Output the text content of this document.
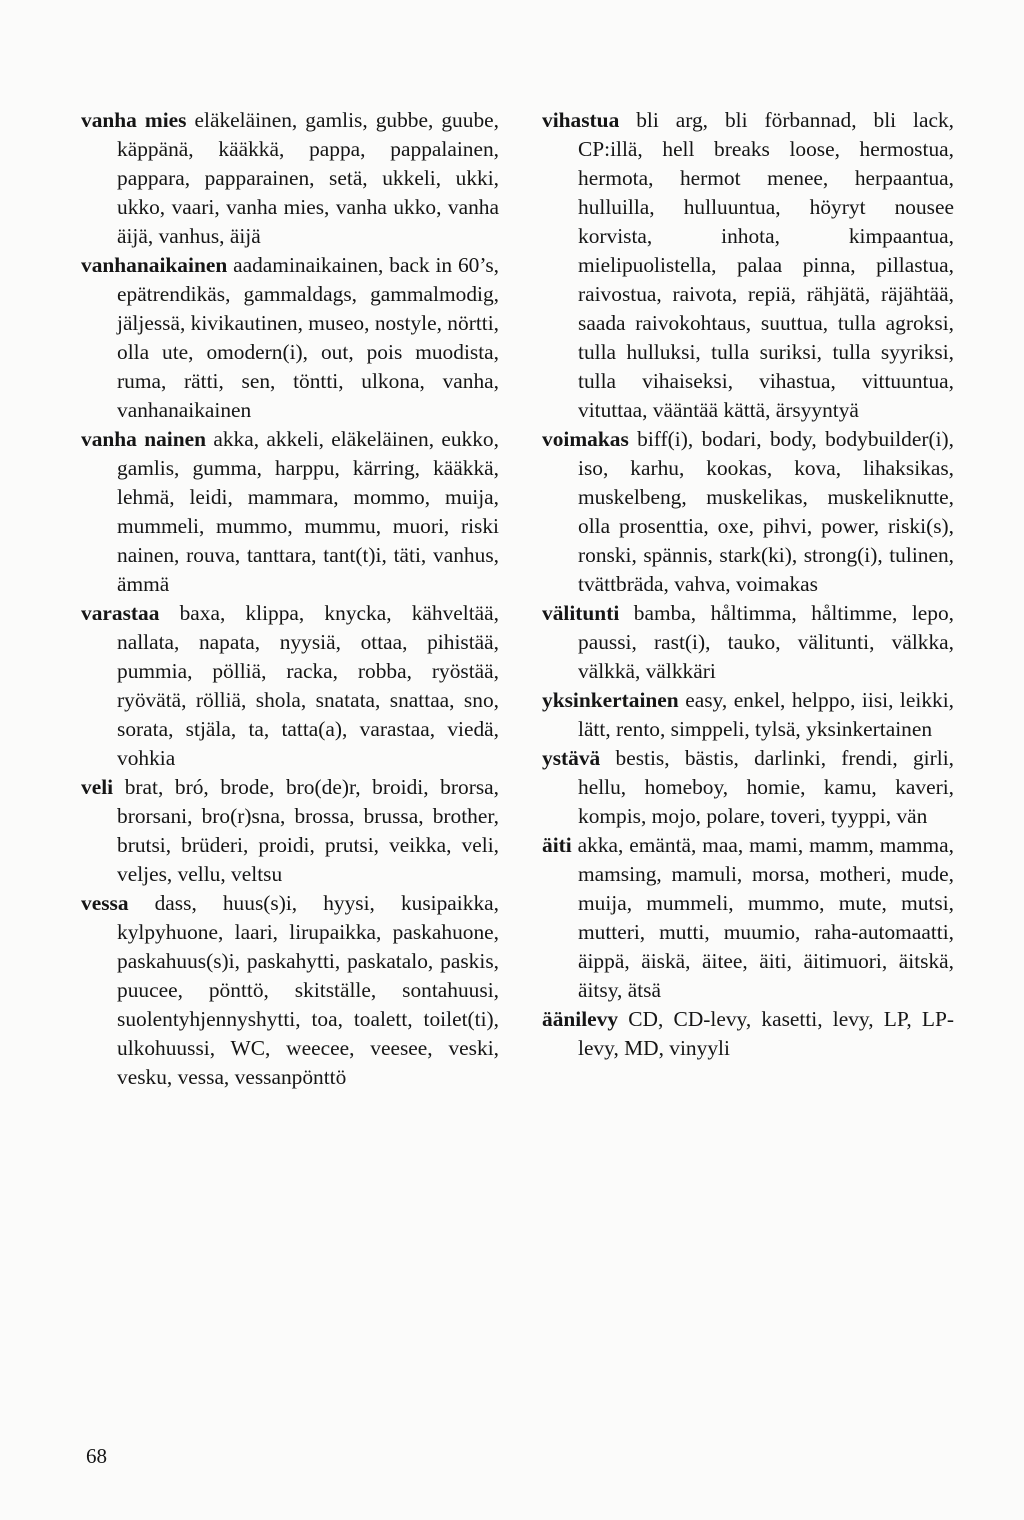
vanha mies eläkeläinen, gamlis, gubbe, guube, käppänä, kääkkä, pappa, pappalainen, pappara, papparainen, setä, ukkeli, ukki, ukko, vaari, vanha mies, vanha ukko, vanha äijä, vanhus, äijä

vanhanaikainen aadaminaikainen, back in 60’s, epätrendikäs, gammaldags, gammalmodig, jäljessä, kivikautinen, museo, nostyle, nörtti, olla ute, omodern(i), out, pois muodista, ruma, rätti, sen, töntti, ulkona, vanha, vanhanaikainen

vanha nainen akka, akkeli, eläkeläinen, eukko, gamlis, gumma, harppu, kärring, kääkkä, lehmä, leidi, mammara, mommo, muija, mummeli, mummo, mummu, muori, riski nainen, rouva, tanttara, tant(t)i, täti, vanhus, ämmä

varastaa baxa, klippa, knycka, kähveltää, nallata, napata, nyysiä, ottaa, pihistää, pummia, pölliä, racka, robba, ryöstää, ryövätä, rölliä, shola, snatata, snattaa, sno, sorata, stjäla, ta, tatta(a), varastaa, viedä, vohkia

veli brat, bró, brode, bro(de)r, broidi, brorsa, brorsani, bro(r)sna, brossa, brussa, brother, brutsi, brüderi, proidi, prutsi, veikka, veli, veljes, vellu, veltsu

vessa dass, huus(s)i, hyysi, kusipaikka, kylpyhuone, laari, lirupaikka, paskahuone, paskahuus(s)i, paskahytti, paskatalo, paskis, puucee, pönttö, skitställe, sontahuusi, suolentyhjennyshytti, toa, toalett, toilet(ti), ulkohuussi, WC, weecee, veesee, veski, vesku, vessa, vessanpönttö

vihastua bli arg, bli förbannad, bli lack, CP:illä, hell breaks loose, hermostua, hermota, hermot menee, herpaantua, hulluilla, hulluuntua, höyryt nousee korvista, inhota, kimpaantua, mielipuolistella, palaa pinna, pillastua, raivostua, raivota, repiä, rähjätä, räjähtää, saada raivokohtaus, suuttua, tulla agroksi, tulla hulluksi, tulla suriksi, tulla syyriksi, tulla vihaiseksi, vihastua, vittuuntua, vituttaa, vääntää kättä, ärsyyntyä

voimakas biff(i), bodari, body, bodybuilder(i), iso, karhu, kookas, kova, lihaksikas, muskelbeng, muskelikas, muskeliknutte, olla prosenttia, oxe, pihvi, power, riski(s), ronski, spännis, stark(ki), strong(i), tulinen, tvättbräda, vahva, voimakas

välitunti bamba, håltimma, håltimme, lepo, paussi, rast(i), tauko, välitunti, välkka, välkkä, välkkäri

yksinkertainen easy, enkel, helppo, iisi, leikki, lätt, rento, simppeli, tylsä, yksinkertainen

ystävä bestis, bästis, darlinki, frendi, girli, hellu, homeboy, homie, kamu, kaveri, kompis, mojo, polare, toveri, tyyppi, vän

äiti akka, emäntä, maa, mami, mamm, mamma, mamsing, mamuli, morsa, motheri, mude, muija, mummeli, mummo, mute, mutsi, mutteri, mutti, muumio, raha-automaatti, äippä, äiskä, äitee, äiti, äitimuori, äitskä, äitsy, ätsä

äänilevy CD, CD-levy, kasetti, levy, LP, LP-levy, MD, vinyyli

68
